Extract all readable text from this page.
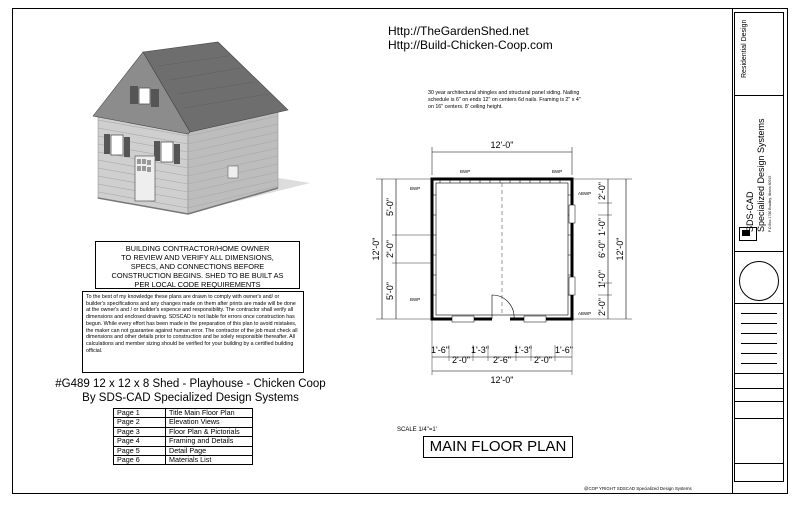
Http://TheGardenShed.net
Http://Build-Chicken-Coop.com
BUILDING CONTRACTOR/HOME OWNER
TO REVIEW AND VERIFY ALL DIMENSIONS,
SPECS, AND CONNECTIONS BEFORE
CONSTRUCTION BEGINS. SHED TO BE BUILT AS
PER LOCAL CODE REQUIREMENTS
To the best of my knowledge these plans are drawn to comply with owner's and/ or builder's specifications and any changes made on them after prints are made will be done at the owner's and / or builder's expence and responsibility. The contractor shall verify all dimensions and enclosed drawing. SDSCAD is not liable for errors once construction has begun. While every effort has been made in the preparation of this plan to avoid mistakes, the maker can not guarantee against human error. The contractor of the job must check all dimensions and other details prior to construction and be solely responsible thereafter. All calculations and member sizing should be verified for your building by a certified building official.
#G489 12 x 12 x 8 Shed - Playhouse - Chicken Coop
By SDS-CAD Specialized Design Systems
Page 1	Title Main Floor Plan
Page 2	Elevation Views
Page 3	Floor Plan & Pictorials
Page 4	Framing and Details
Page 5	Detail Page
Page 6	Materials List
30 year architectural shingles and structural panel siding. Nailing schedule is 6" on ends 12" on centers 6d nails. Framing is 2" x 4" on 16" centers. 8' ceiling height.
12'-0"
BWP	BWP
BWP
BWP
ABWP
ABWP
12'-0"
5'-0"
2'-0"
5'-0"
12'-0"
2'-0"
1'-0"
6'-0"
1'-0"
2'-0"
1'-6"
2'-0"
1'-3"
2'-6"
1'-3"
2'-0"
1'-6"
12'-0"
SCALE 1/4"=1'
MAIN FLOOR PLAN
@COP YRIGHT SDSCAD Specialized Design Systems
Residential Design
SDS-CAD Specialized Design Systems P.O.Box 1780 Bradley, Illinois 60915
